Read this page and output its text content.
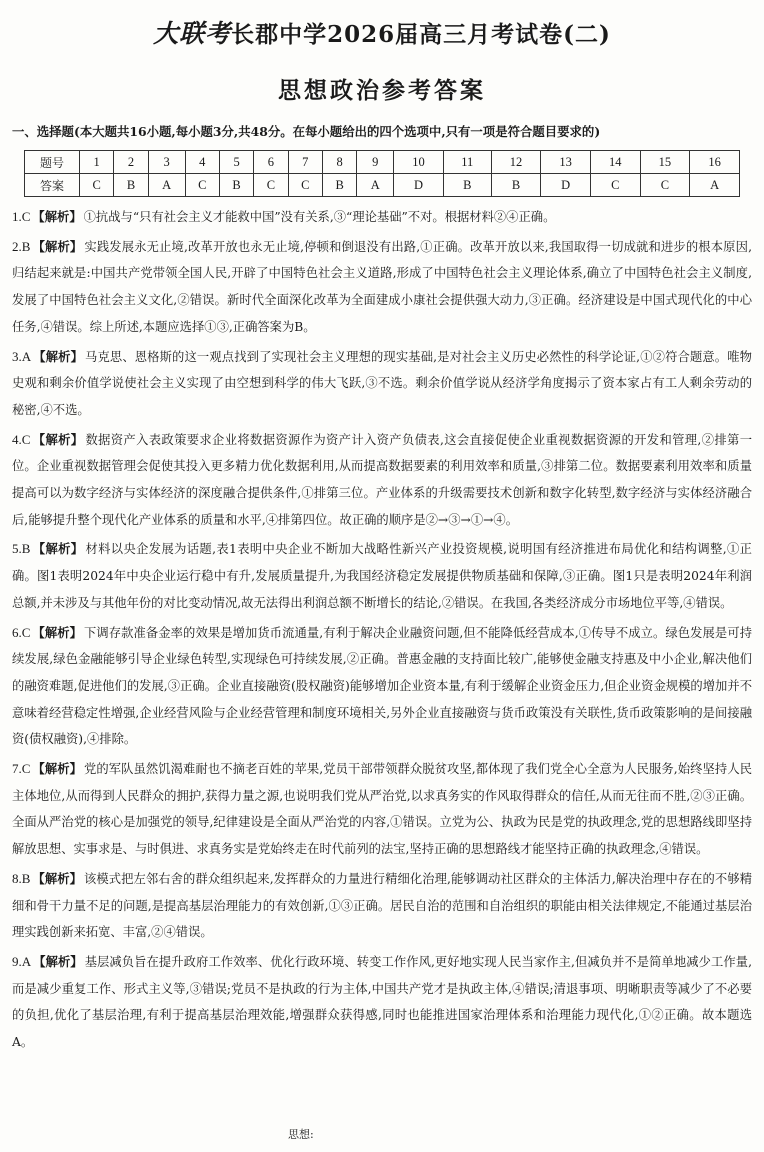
大联考长郡中学2026届高三月考试卷(二)
思想政治参考答案
一、选择题(本大题共16小题,每小题3分,共48分。在每小题给出的四个选项中,只有一项是符合题目要求的)
题号	1	2	3	4	5	6	7	8	9	10	11	12	13	14	15	16
答案	C	B	A	C	B	C	C	B	A	D	B	B	D	C	C	A
1.C 【解析】 ①抗战与“只有社会主义才能救中国”没有关系,③“理论基础”不对。根据材料②④正确。
2.B 【解析】 实践发展永无止境,改革开放也永无止境,停顿和倒退没有出路,①正确。改革开放以来,我国取得一切成就和进步的根本原因,归结起来就是:中国共产党带领全国人民,开辟了中国特色社会主义道路,形成了中国特色社会主义理论体系,确立了中国特色社会主义制度,发展了中国特色社会主义文化,②错误。新时代全面深化改革为全面建成小康社会提供强大动力,③正确。经济建设是中国式现代化的中心任务,④错误。综上所述,本题应选择①③,正确答案为B。
3.A 【解析】 马克思、恩格斯的这一观点找到了实现社会主义理想的现实基础,是对社会主义历史必然性的科学论证,①②符合题意。唯物史观和剩余价值学说使社会主义实现了由空想到科学的伟大飞跃,③不选。剩余价值学说从经济学角度揭示了资本家占有工人剩余劳动的秘密,④不选。
4.C 【解析】 数据资产入表政策要求企业将数据资源作为资产计入资产负债表,这会直接促使企业重视数据资源的开发和管理,②排第一位。企业重视数据管理会促使其投入更多精力优化数据利用,从而提高数据要素的利用效率和质量,③排第二位。数据要素利用效率和质量提高可以为数字经济与实体经济的深度融合提供条件,①排第三位。产业体系的升级需要技术创新和数字化转型,数字经济与实体经济融合后,能够提升整个现代化产业体系的质量和水平,④排第四位。故正确的顺序是②→③→①→④。
5.B 【解析】 材料以央企发展为话题,表1表明中央企业不断加大战略性新兴产业投资规模,说明国有经济推进布局优化和结构调整,①正确。图1表明2024年中央企业运行稳中有升,发展质量提升,为我国经济稳定发展提供物质基础和保障,③正确。图1只是表明2024年利润总额,并未涉及与其他年份的对比变动情况,故无法得出利润总额不断增长的结论,②错误。在我国,各类经济成分市场地位平等,④错误。
6.C 【解析】 下调存款准备金率的效果是增加货币流通量,有利于解决企业融资问题,但不能降低经营成本,①传导不成立。绿色发展是可持续发展,绿色金融能够引导企业绿色转型,实现绿色可持续发展,②正确。普惠金融的支持面比较广,能够使金融支持惠及中小企业,解决他们的融资难题,促进他们的发展,③正确。企业直接融资(股权融资)能够增加企业资本量,有利于缓解企业资金压力,但企业资金规模的增加并不意味着经营稳定性增强,企业经营风险与企业经营管理和制度环境相关,另外企业直接融资与货币政策没有关联性,货币政策影响的是间接融资(债权融资),④排除。
7.C 【解析】 党的军队虽然饥渴难耐也不摘老百姓的苹果,党员干部带领群众脱贫攻坚,都体现了我们党全心全意为人民服务,始终坚持人民主体地位,从而得到人民群众的拥护,获得力量之源,也说明我们党从严治党,以求真务实的作风取得群众的信任,从而无往而不胜,②③正确。全面从严治党的核心是加强党的领导,纪律建设是全面从严治党的内容,①错误。立党为公、执政为民是党的执政理念,党的思想路线即坚持解放思想、实事求是、与时俱进、求真务实是党始终走在时代前列的法宝,坚持正确的思想路线才能坚持正确的执政理念,④错误。
8.B 【解析】 该模式把左邻右舍的群众组织起来,发挥群众的力量进行精细化治理,能够调动社区群众的主体活力,解决治理中存在的不够精细和骨干力量不足的问题,是提高基层治理能力的有效创新,①③正确。居民自治的范围和自治组织的职能由相关法律规定,不能通过基层治理实践创新来拓宽、丰富,②④错误。
9.A 【解析】 基层减负旨在提升政府工作效率、优化行政环境、转变工作作风,更好地实现人民当家作主,但减负并不是简单地减少工作量,而是减少重复工作、形式主义等,③错误;党员不是执政的行为主体,中国共产党才是执政主体,④错误;清退事项、明晰职责等减少了不必要的负担,优化了基层治理,有利于提高基层治理效能,增强群众获得感,同时也能推进国家治理体系和治理能力现代化,①②正确。故本题选A。
思想:
